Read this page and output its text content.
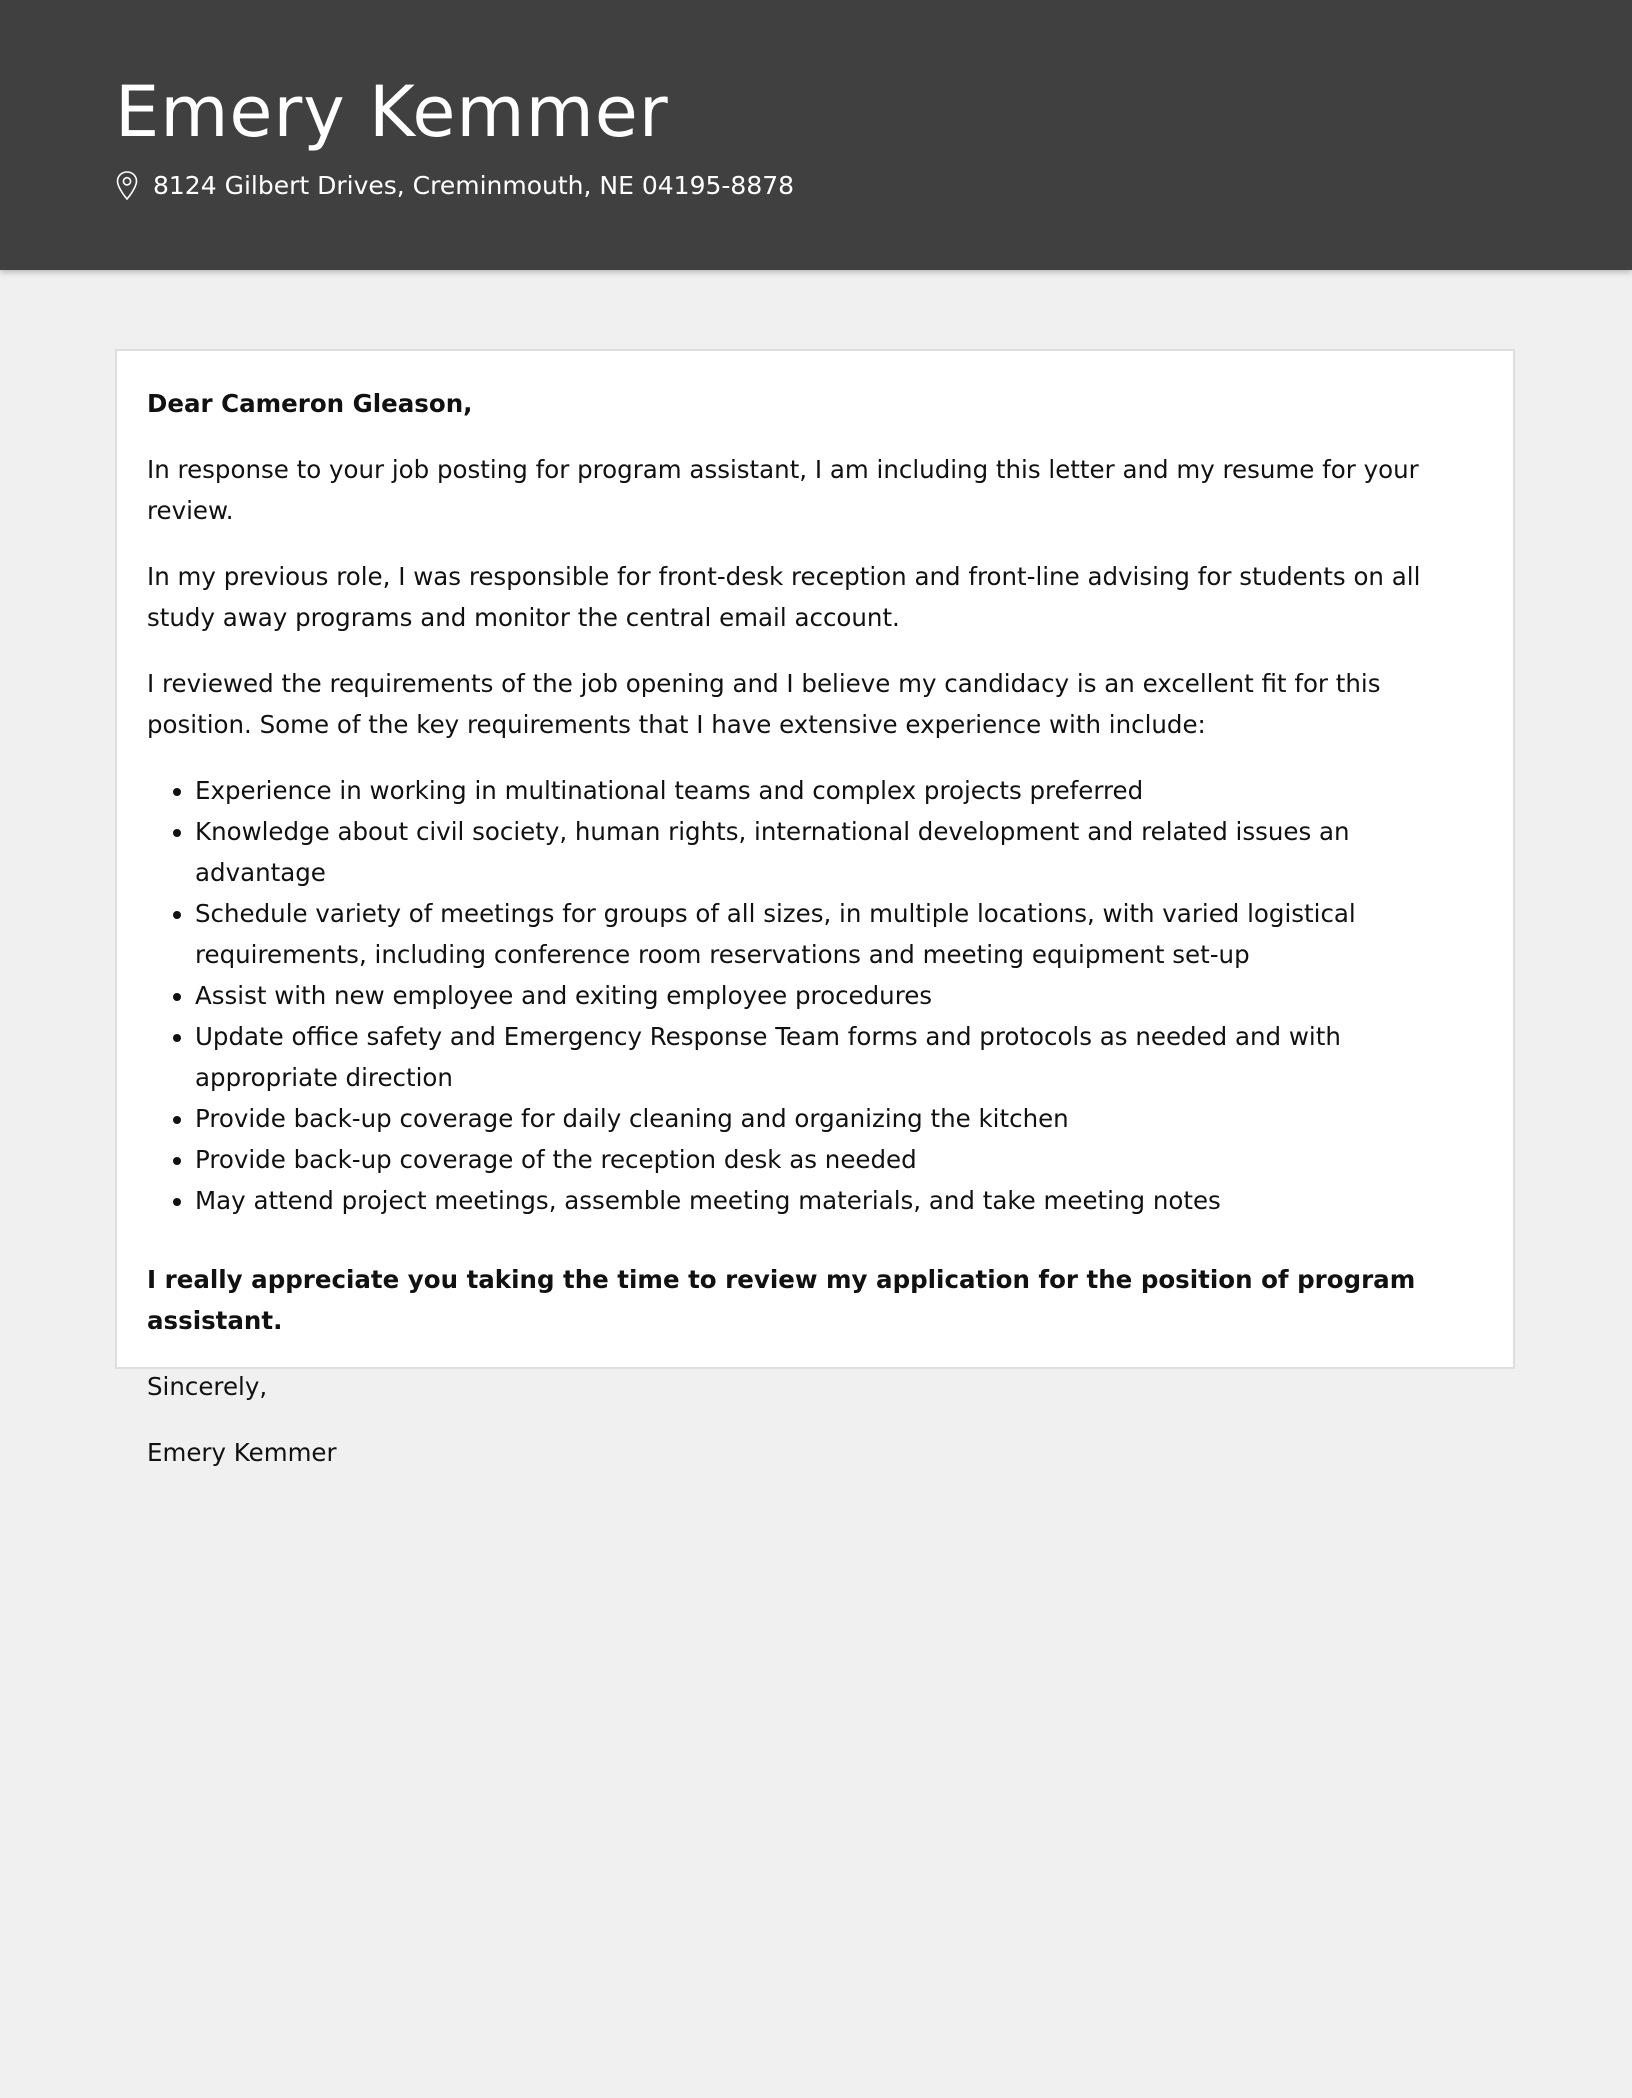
Emery Kemmer
8124 Gilbert Drives, Creminmouth, NE 04195-8878

Dear Cameron Gleason,

In response to your job posting for program assistant, I am including this letter and my resume for your review.

In my previous role, I was responsible for front-desk reception and front-line advising for students on all study away programs and monitor the central email account.

I reviewed the requirements of the job opening and I believe my candidacy is an excellent fit for this position. Some of the key requirements that I have extensive experience with include:

• Experience in working in multinational teams and complex projects preferred
• Knowledge about civil society, human rights, international development and related issues an advantage
• Schedule variety of meetings for groups of all sizes, in multiple locations, with varied logistical requirements, including conference room reservations and meeting equipment set-up
• Assist with new employee and exiting employee procedures
• Update office safety and Emergency Response Team forms and protocols as needed and with appropriate direction
• Provide back-up coverage for daily cleaning and organizing the kitchen
• Provide back-up coverage of the reception desk as needed
• May attend project meetings, assemble meeting materials, and take meeting notes

I really appreciate you taking the time to review my application for the position of program assistant.

Sincerely,

Emery Kemmer
